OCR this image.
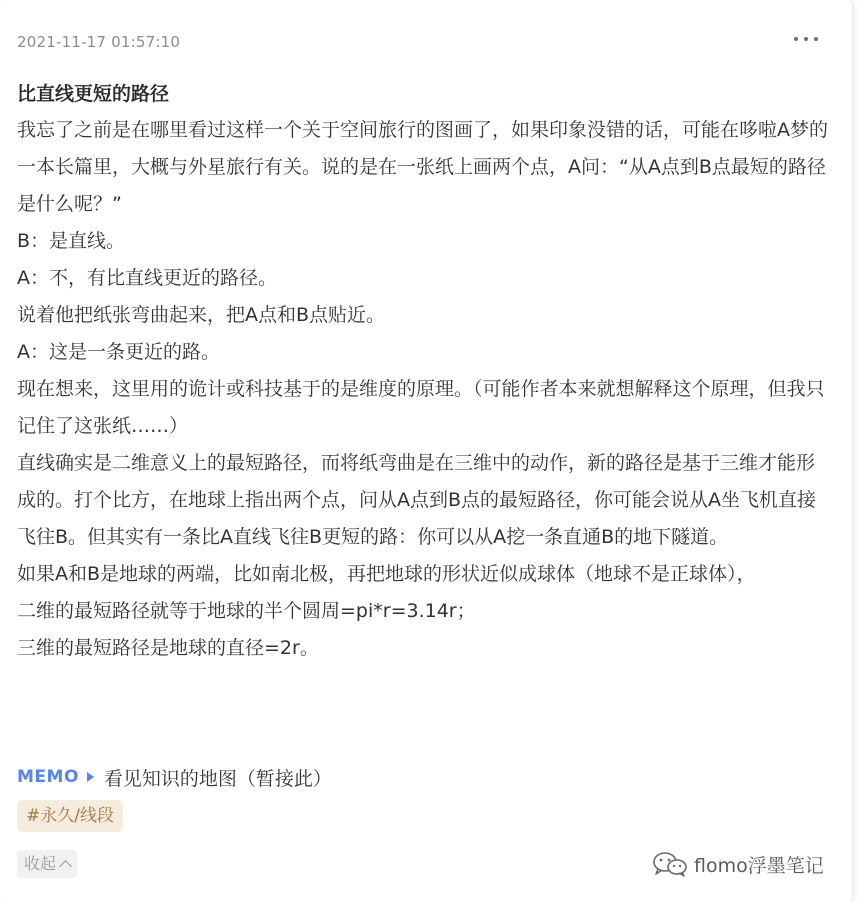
2021-11-17 01:57:10

比直线更短的路径

我忘了之前是在哪里看过这样一个关于空间旅行的图画了，如果印象没错的话，可能在哆啦A梦的一本长篇里，大概与外星旅行有关。说的是在一张纸上画两个点，A问：“从A点到B点最短的路径是什么呢？”

B：是直线。

A：不，有比直线更近的路径。

说着他把纸张弯曲起来，把A点和B点贴近。

A：这是一条更近的路。

现在想来，这里用的诡计或科技基于的是维度的原理。（可能作者本来就想解释这个原理，但我只记住了这张纸……）

直线确实是二维意义上的最短路径，而将纸弯曲是在三维中的动作，新的路径是基于三维才能形成的。打个比方，在地球上指出两个点，问从A点到B点的最短路径，你可能会说从A坐飞机直接飞往B。但其实有一条比A直线飞往B更短的路：你可以从A挖一条直通B的地下隧道。

如果A和B是地球的两端，比如南北极，再把地球的形状近似成球体（地球不是正球体），

二维的最短路径就等于地球的半个圆周=pi*r=3.14r；

三维的最短路径是地球的直径=2r。

MEMO 看见知识的地图（暂接此）
#永久/线段
收起	flomo浮墨笔记
